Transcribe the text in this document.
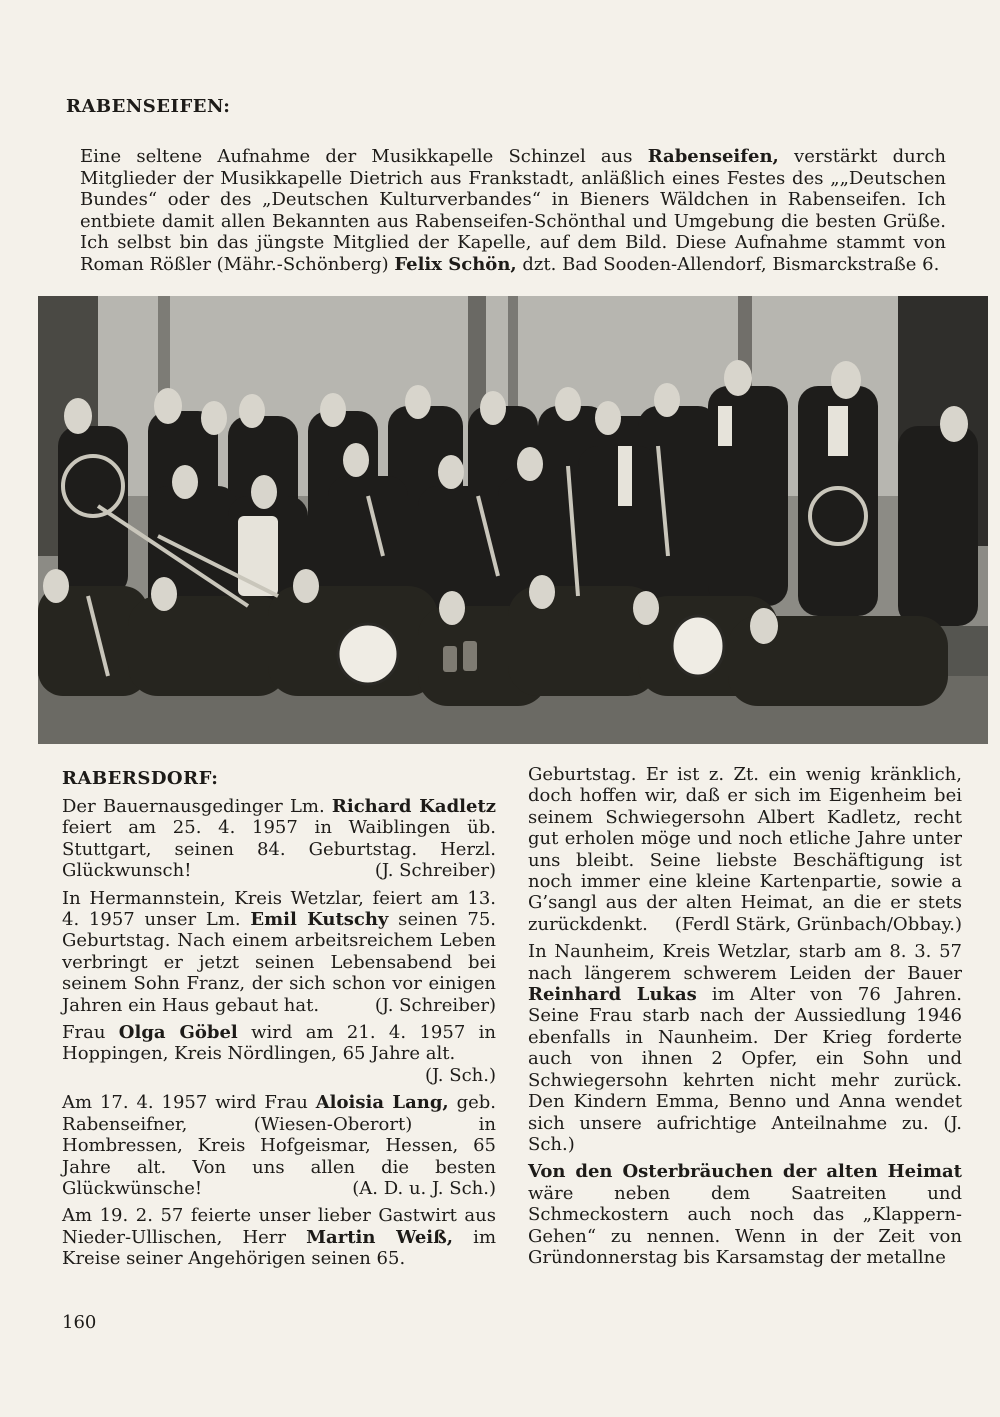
RABENSEIFEN:

Eine seltene Aufnahme der Musikkapelle Schinzel aus Rabenseifen, verstärkt durch Mitglieder der Musikkapelle Dietrich aus Frankstadt, anläßlich eines Festes des „„Deutschen Bundes“ oder des „Deutschen Kulturverbandes“ in Bieners Wäldchen in Rabenseifen. Ich entbiete damit allen Bekannten aus Rabenseifen-Schönthal und Umgebung die besten Grüße. Ich selbst bin das jüngste Mitglied der Kapelle, auf dem Bild. Diese Aufnahme stammt von Roman Rößler (Mähr.-Schönberg) Felix Schön, dzt. Bad Sooden-Allendorf, Bismarckstraße 6.

RABERSDORF:

Der Bauernausgedinger Lm. Richard Kadletz feiert am 25. 4. 1957 in Waiblingen üb. Stuttgart, seinen 84. Geburtstag. Herzl. Glückwunsch!	(J. Schreiber)

In Hermannstein, Kreis Wetzlar, feiert am 13. 4. 1957 unser Lm. Emil Kutschy seinen 75. Geburtstag. Nach einem arbeitsreichem Leben verbringt er jetzt seinen Lebensabend bei seinem Sohn Franz, der sich schon vor einigen Jahren ein Haus gebaut hat.	(J. Schreiber)

Frau Olga Göbel wird am 21. 4. 1957 in Hoppingen, Kreis Nördlingen, 65 Jahre alt.
(J. Sch.)

Am 17. 4. 1957 wird Frau Aloisia Lang, geb. Rabenseifner, (Wiesen-Oberort) in Hombressen, Kreis Hofgeismar, Hessen, 65 Jahre alt. Von uns allen die besten Glückwünsche!	(A. D. u. J. Sch.)

Am 19. 2. 57 feierte unser lieber Gastwirt aus Nieder-Ullischen, Herr Martin Weiß, im Kreise seiner Angehörigen seinen 65.

Geburtstag. Er ist z. Zt. ein wenig kränklich, doch hoffen wir, daß er sich im Eigenheim bei seinem Schwiegersohn Albert Kadletz, recht gut erholen möge und noch etliche Jahre unter uns bleibt. Seine liebste Beschäftigung ist noch immer eine kleine Kartenpartie, sowie a G’sangl aus der alten Heimat, an die er stets zurückdenkt. (Ferdl Stärk, Grünbach/Obbay.)

In Naunheim, Kreis Wetzlar, starb am 8. 3. 57 nach längerem schwerem Leiden der Bauer Reinhard Lukas im Alter von 76 Jahren. Seine Frau starb nach der Aussiedlung 1946 ebenfalls in Naunheim. Der Krieg forderte auch von ihnen 2 Opfer, ein Sohn und Schwiegersohn kehrten nicht mehr zurück. Den Kindern Emma, Benno und Anna wendet sich unsere aufrichtige Anteilnahme zu. (J. Sch.)

Von den Osterbräuchen der alten Heimat wäre neben dem Saatreiten und Schmeckostern auch noch das „Klappern-Gehen“ zu nennen. Wenn in der Zeit von Gründonnerstag bis Karsamstag der metallne

160
